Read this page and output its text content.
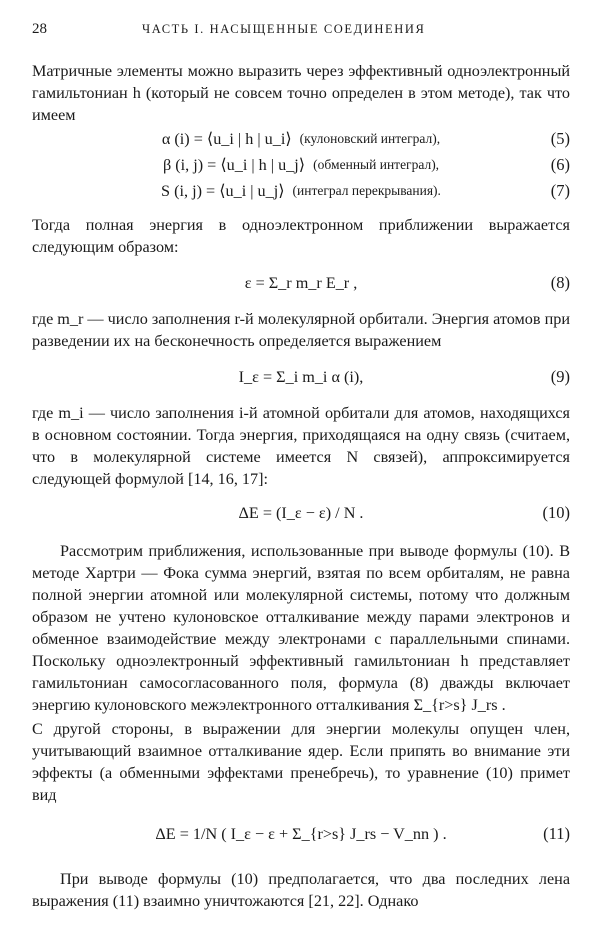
28	ЧАСТЬ I. НАСЫЩЕННЫЕ СОЕДИНЕНИЯ

Матричные элементы можно выразить через эффективный одноэлектронный гамильтониан h (который не совсем точно определен в этом методе), так что имеем

α (i) = ⟨u_i | h | u_i⟩ (кулоновский интеграл),	(5)
β (i, j) = ⟨u_i | h | u_j⟩ (обменный интеграл),	(6)
S (i, j) = ⟨u_i | u_j⟩ (интеграл перекрывания).	(7)

Тогда полная энергия в одноэлектронном приближении выражается следующим образом:

ε = Σ_r m_r E_r ,	(8)

где m_r — число заполнения r-й молекулярной орбитали. Энергия атомов при разведении их на бесконечность определяется выражением

I_ε = Σ_i m_i α (i),	(9)

где m_i — число заполнения i-й атомной орбитали для атомов, находящихся в основном состоянии. Тогда энергия, приходящаяся на одну связь (считаем, что в молекулярной системе имеется N связей), аппроксимируется следующей формулой [14, 16, 17]:

ΔE = (I_ε − ε) / N .	(10)

Рассмотрим приближения, использованные при выводе формулы (10). В методе Хартри — Фока сумма энергий, взятая по всем орбиталям, не равна полной энергии атомной или молекулярной системы, потому что должным образом не учтено кулоновское отталкивание между парами электронов и обменное взаимодействие между электронами с параллельными спинами. Поскольку одноэлектронный эффективный гамильтониан h представляет гамильтониан самосогласованного поля, формула (8) дважды включает энергию кулоновского межэлектронного отталкивания Σ_{r>s} J_rs .

С другой стороны, в выражении для энергии молекулы опущен член, учитывающий взаимное отталкивание ядер. Если припять во внимание эти эффекты (а обменными эффектами пренебречь), то уравнение (10) примет вид

ΔE = 1/N ( I_ε − ε + Σ_{r>s} J_rs − V_nn ) .	(11)

При выводе формулы (10) предполагается, что два последних лена выражения (11) взаимно уничтожаются [21, 22]. Однако
